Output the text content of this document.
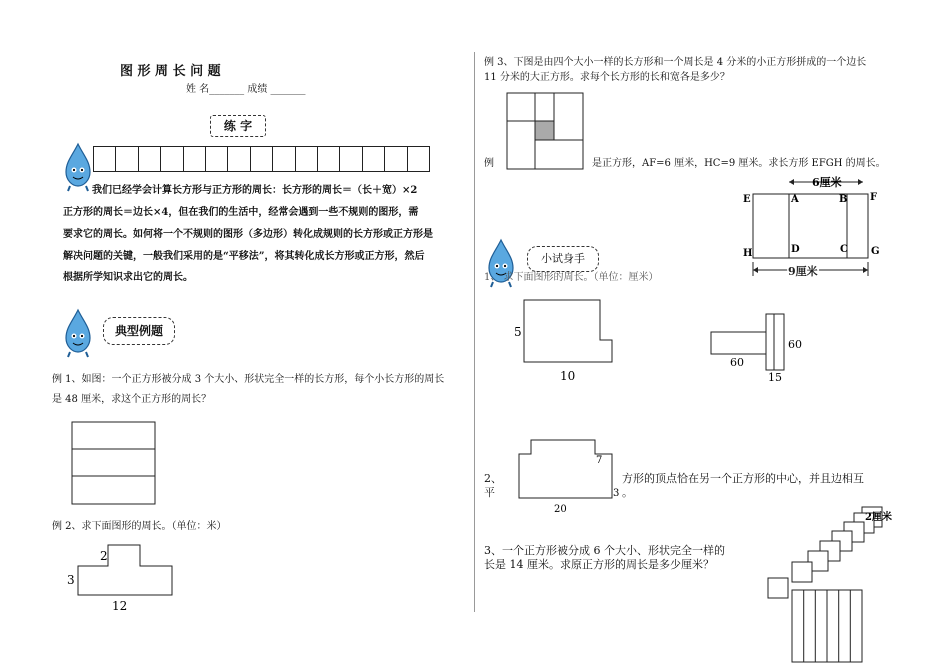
图 形 周 长 问 题
姓 名_______ 成绩 _______
练 字
我们已经学会计算长方形与正方形的周长：长方形的周长＝（长＋宽）×2
正方形的周长＝边长×4，但在我们的生活中，经常会遇到一些不规则的图形，需
要求它的周长。如何将一个不规则的图形（多边形）转化成规则的长方形或正方形是
解决问题的关键，一般我们采用的是“平移法”，将其转化成长方形或正方形，然后
根据所学知识求出它的周长。
典型例题
例 1、如图：一个正方形被分成 3 个大小、形状完全一样的长方形，每个小长方形的周长
是 48 厘米，求这个正方形的周长？
例 2、求下面图形的周长。（单位：米）
2
3
12
例 3、下图是由四个大小一样的长方形和一个周长是 4 分米的小正方形拼成的一个边长
11 分米的大正方形。求每个长方形的长和宽各是多少？
例	是正方形，AF=6 厘米，HC=9 厘米。求长方形 EFGH 的周长。
6厘米
E	A	B F
H	D	C G
9厘米
小试身手
1、 求下面图形的周长。（单位：厘米）
5
10
60
60
15
7
3
20
2、	方形的顶点恰在另一个正方形的中心，并且边相互
平	。
3、一个正方形被分成 6 个大小、形状完全一样的
长是 14 厘米。求原正方形的周长是多少厘米？
2厘米
